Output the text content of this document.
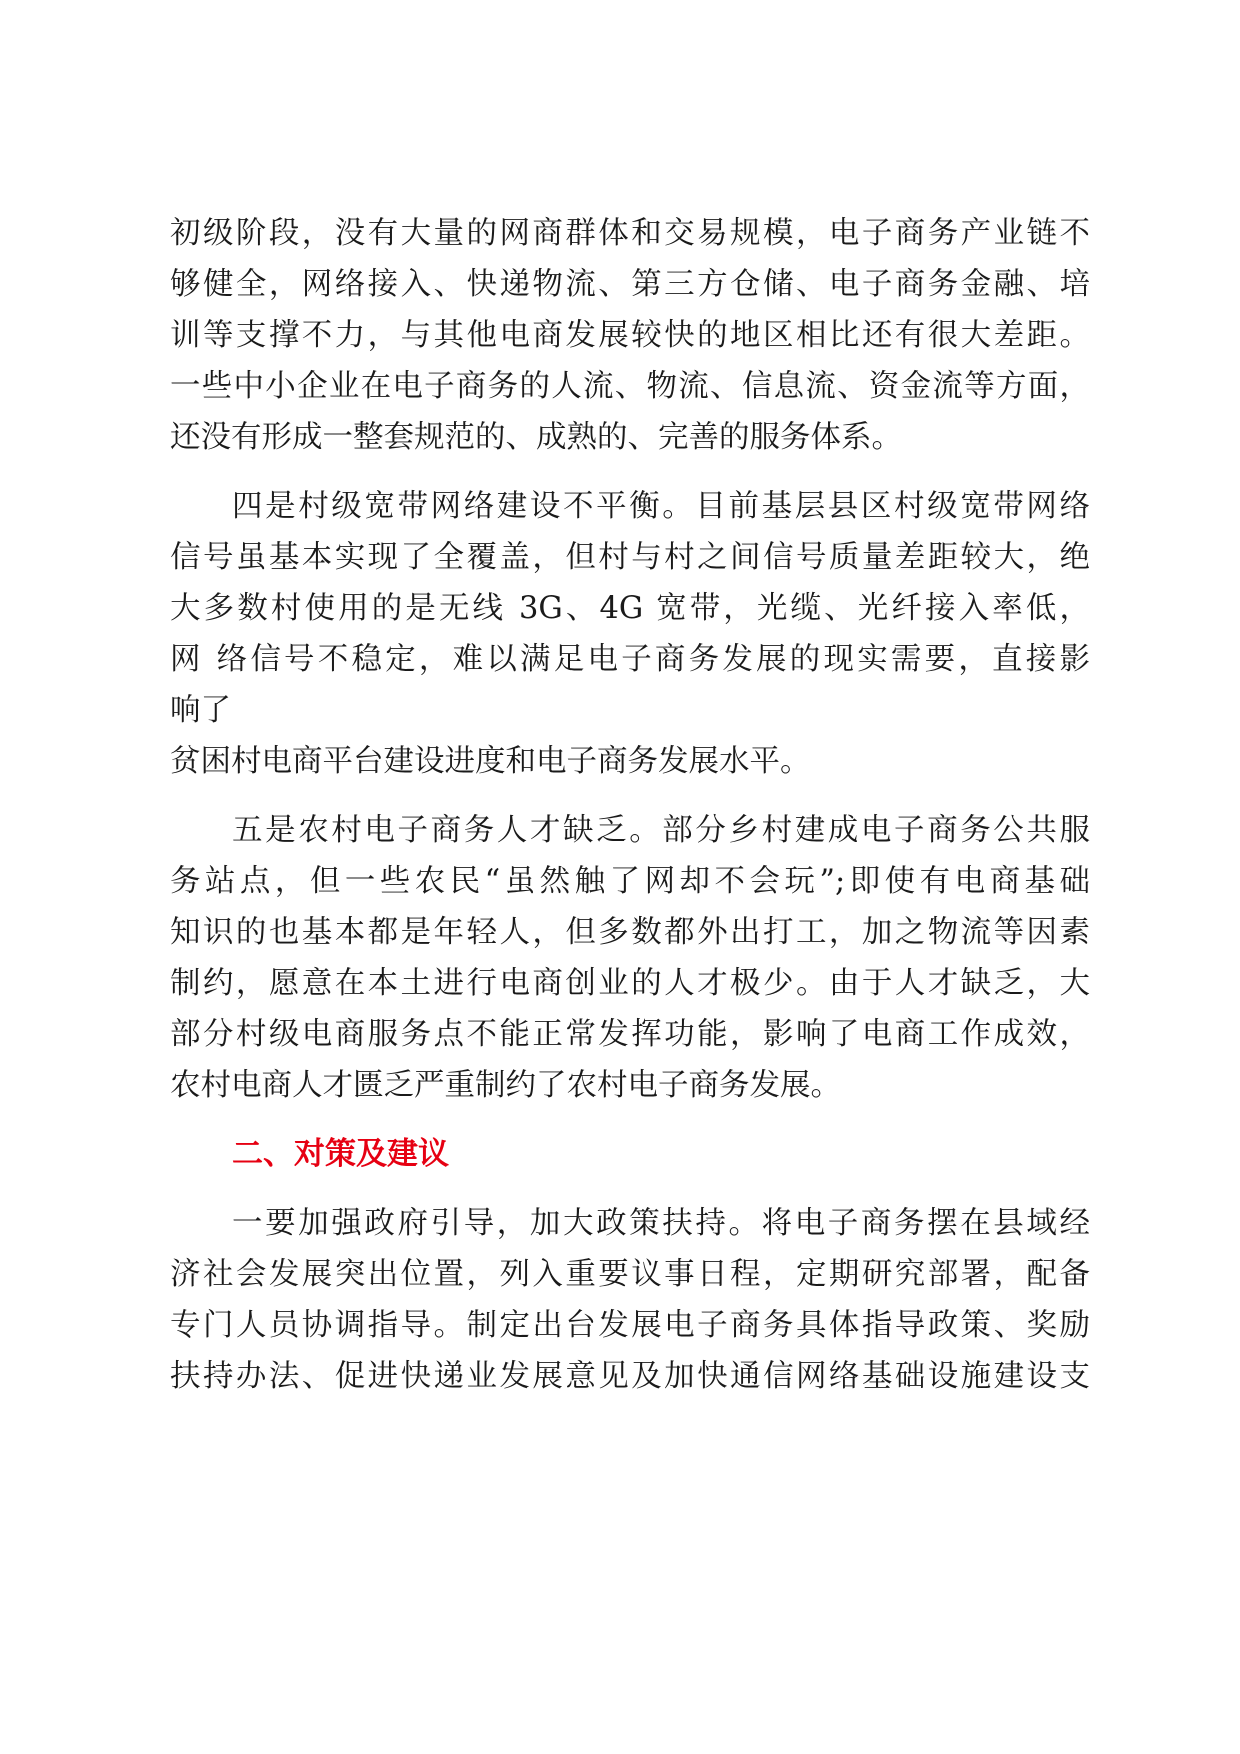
初级阶段，没有大量的网商群体和交易规模，电子商务产业链不
够健全，网络接入、快递物流、第三方仓储、电子商务金融、培
训等支撑不力，与其他电商发展较快的地区相比还有很大差距。
一些中小企业在电子商务的人流、物流、信息流、资金流等方面，
还没有形成一整套规范的、成熟的、完善的服务体系。
四是村级宽带网络建设不平衡。目前基层县区村级宽带网络
信号虽基本实现了全覆盖，但村与村之间信号质量差距较大，绝
大多数村使用的是无线 3G、4G 宽带，光缆、光纤接入率低，
网 络信号不稳定，难以满足电子商务发展的现实需要，直接影
响了
贫困村电商平台建设进度和电子商务发展水平。
五是农村电子商务人才缺乏。部分乡村建成电子商务公共服
务站点，但一些农民“虽然触了网却不会玩”;即使有电商基础
知识的也基本都是年轻人，但多数都外出打工，加之物流等因素
制约，愿意在本土进行电商创业的人才极少。由于人才缺乏，大
部分村级电商服务点不能正常发挥功能，影响了电商工作成效，
农村电商人才匮乏严重制约了农村电子商务发展。
二、对策及建议
一要加强政府引导，加大政策扶持。将电子商务摆在县域经
济社会发展突出位置，列入重要议事日程，定期研究部署，配备
专门人员协调指导。制定出台发展电子商务具体指导政策、奖励
扶持办法、促进快递业发展意见及加快通信网络基础设施建设支
